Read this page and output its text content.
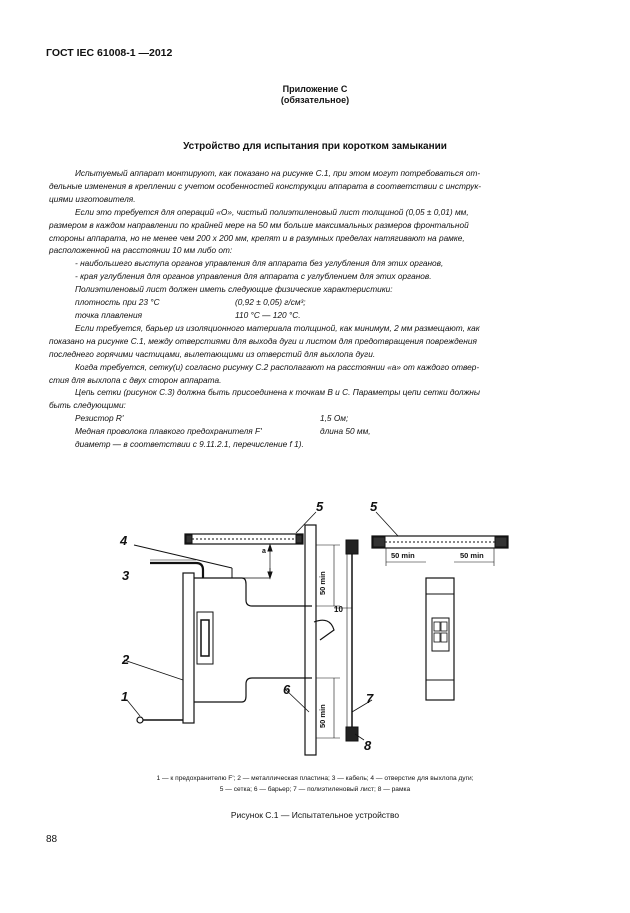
ГОСТ IEC 61008-1 —2012
Приложение С
(обязательное)
Устройство для испытания при коротком замыкании
Испытуемый аппарат монтируют, как показано на рисунке С.1, при этом могут потребоваться от-
дельные изменения в креплении с учетом особенностей конструкции аппарата в соответствии с инструк-
циями изготовителя.
Если это требуется для операций «О», чистый полиэтиленовый лист толщиной (0,05 ± 0,01) мм,
размером в каждом направлении по крайней мере на 50 мм больше максимальных размеров фронтальной
стороны аппарата, но не менее чем 200 х 200 мм, крепят и в разумных пределах натягивают на рамке,
расположенной на расстоянии 10 мм либо от:
- наибольшего выступа органов управления для аппарата без углубления для этих органов,
- края углубления для органов управления для аппарата с углублением для этих органов.
Полиэтиленовый лист должен иметь следующие физические характеристики:
плотность при 23 °С	(0,92 ± 0,05) г/см³;
точка плавления	110 °С — 120 °С.
Если требуется, барьер из изоляционного материала толщиной, как минимум, 2 мм размещают, как
показано на рисунке С.1, между отверстиями для выхода дуги и листом для предотвращения повреждения
последнего горячими частицами, вылетающими из отверстий для выхлопа дуги.
Когда требуется, сетку(и) согласно рисунку С.2 располагают на расстоянии «а» от каждого отвер-
стия для выхлопа с двух сторон аппарата.
Цепь сетки (рисунок С.3) должна быть присоединена к точкам В и С. Параметры цепи сетки должны
быть следующими:
Резистор R'	1,5 Ом;
Медная проволока плавкого предохранителя F'	длина 50 мм,
диаметр — в соответствии с 9.11.2.1, перечисление f 1).
2
1
3
4
5	5
6
7
8
10
a	50 min	50 min
50 min
50 min
1 — к предохранителю F'; 2 — металлическая пластина; 3 — кабель; 4 — отверстие для выхлопа дуги;
5 — сетка; 6 — барьер; 7 — полиэтиленовый лист; 8 — рамка
Рисунок С.1 — Испытательное устройство
88
